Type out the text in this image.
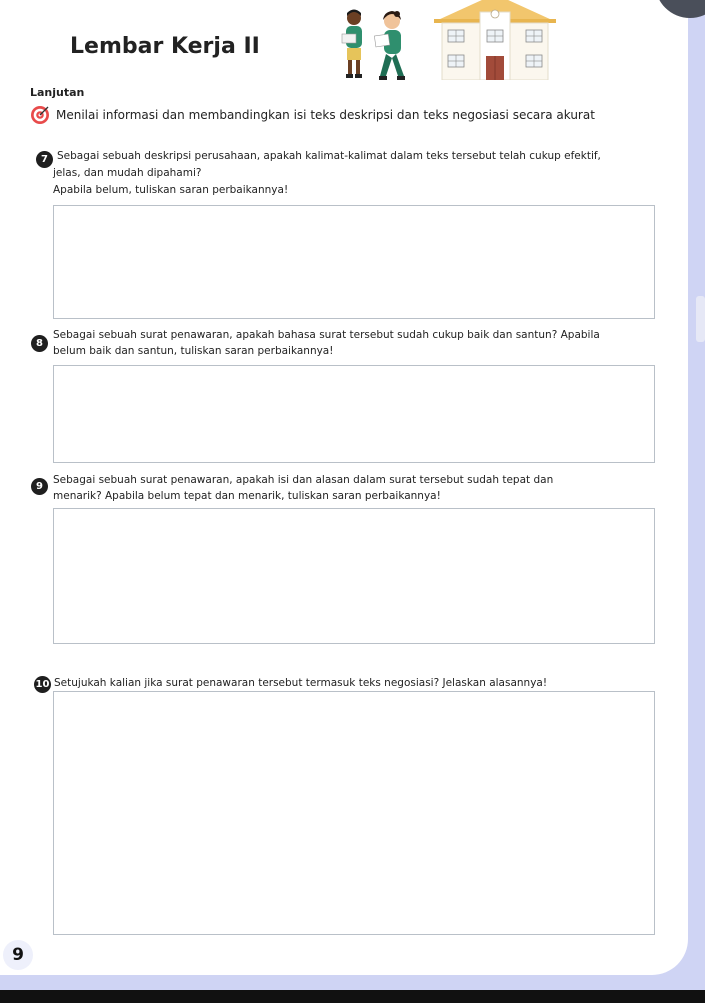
Lembar Kerja II
Lanjutan
Menilai informasi dan membandingkan isi teks deskripsi dan teks negosiasi secara akurat
7 Sebagai sebuah deskripsi perusahaan, apakah kalimat-kalimat dalam teks tersebut telah cukup efektif,
jelas, dan mudah dipahami?
Apabila belum, tuliskan saran perbaikannya!
8
Sebagai sebuah surat penawaran, apakah bahasa surat tersebut sudah cukup baik dan santun? Apabila
belum baik dan santun, tuliskan saran perbaikannya!
9
Sebagai sebuah surat penawaran, apakah isi dan alasan dalam surat tersebut sudah tepat dan
menarik? Apabila belum tepat dan menarik, tuliskan saran perbaikannya!
10 Setujukah kalian jika surat penawaran tersebut termasuk teks negosiasi? Jelaskan alasannya!
9
